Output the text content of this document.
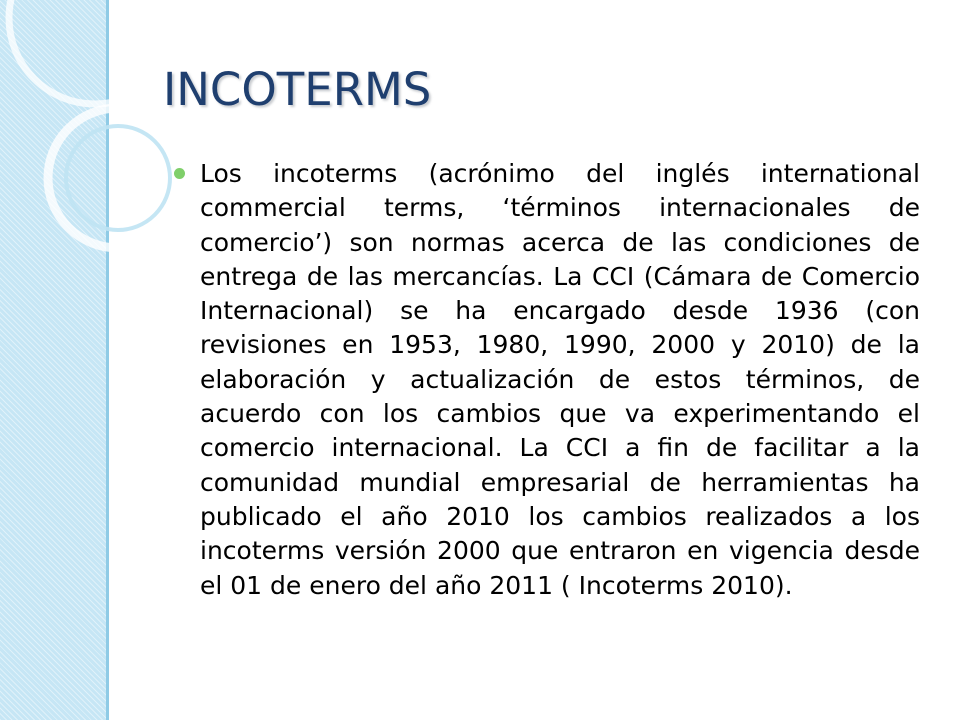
INCOTERMS
Los incoterms (acrónimo del inglés international commercial terms, ‘términos internacionales de comercio’) son normas acerca de las condiciones de entrega de las mercancías. La CCI (Cámara de Comercio Internacional) se ha encargado desde 1936 (con revisiones en 1953, 1980, 1990, 2000 y 2010) de la elaboración y actualización de estos términos, de acuerdo con los cambios que va experimentando el comercio internacional. La CCI a fin de facilitar a la comunidad mundial empresarial de herramientas ha publicado el año 2010 los cambios realizados a los incoterms versión 2000 que entraron en vigencia desde el 01 de enero del año 2011 ( Incoterms 2010).
